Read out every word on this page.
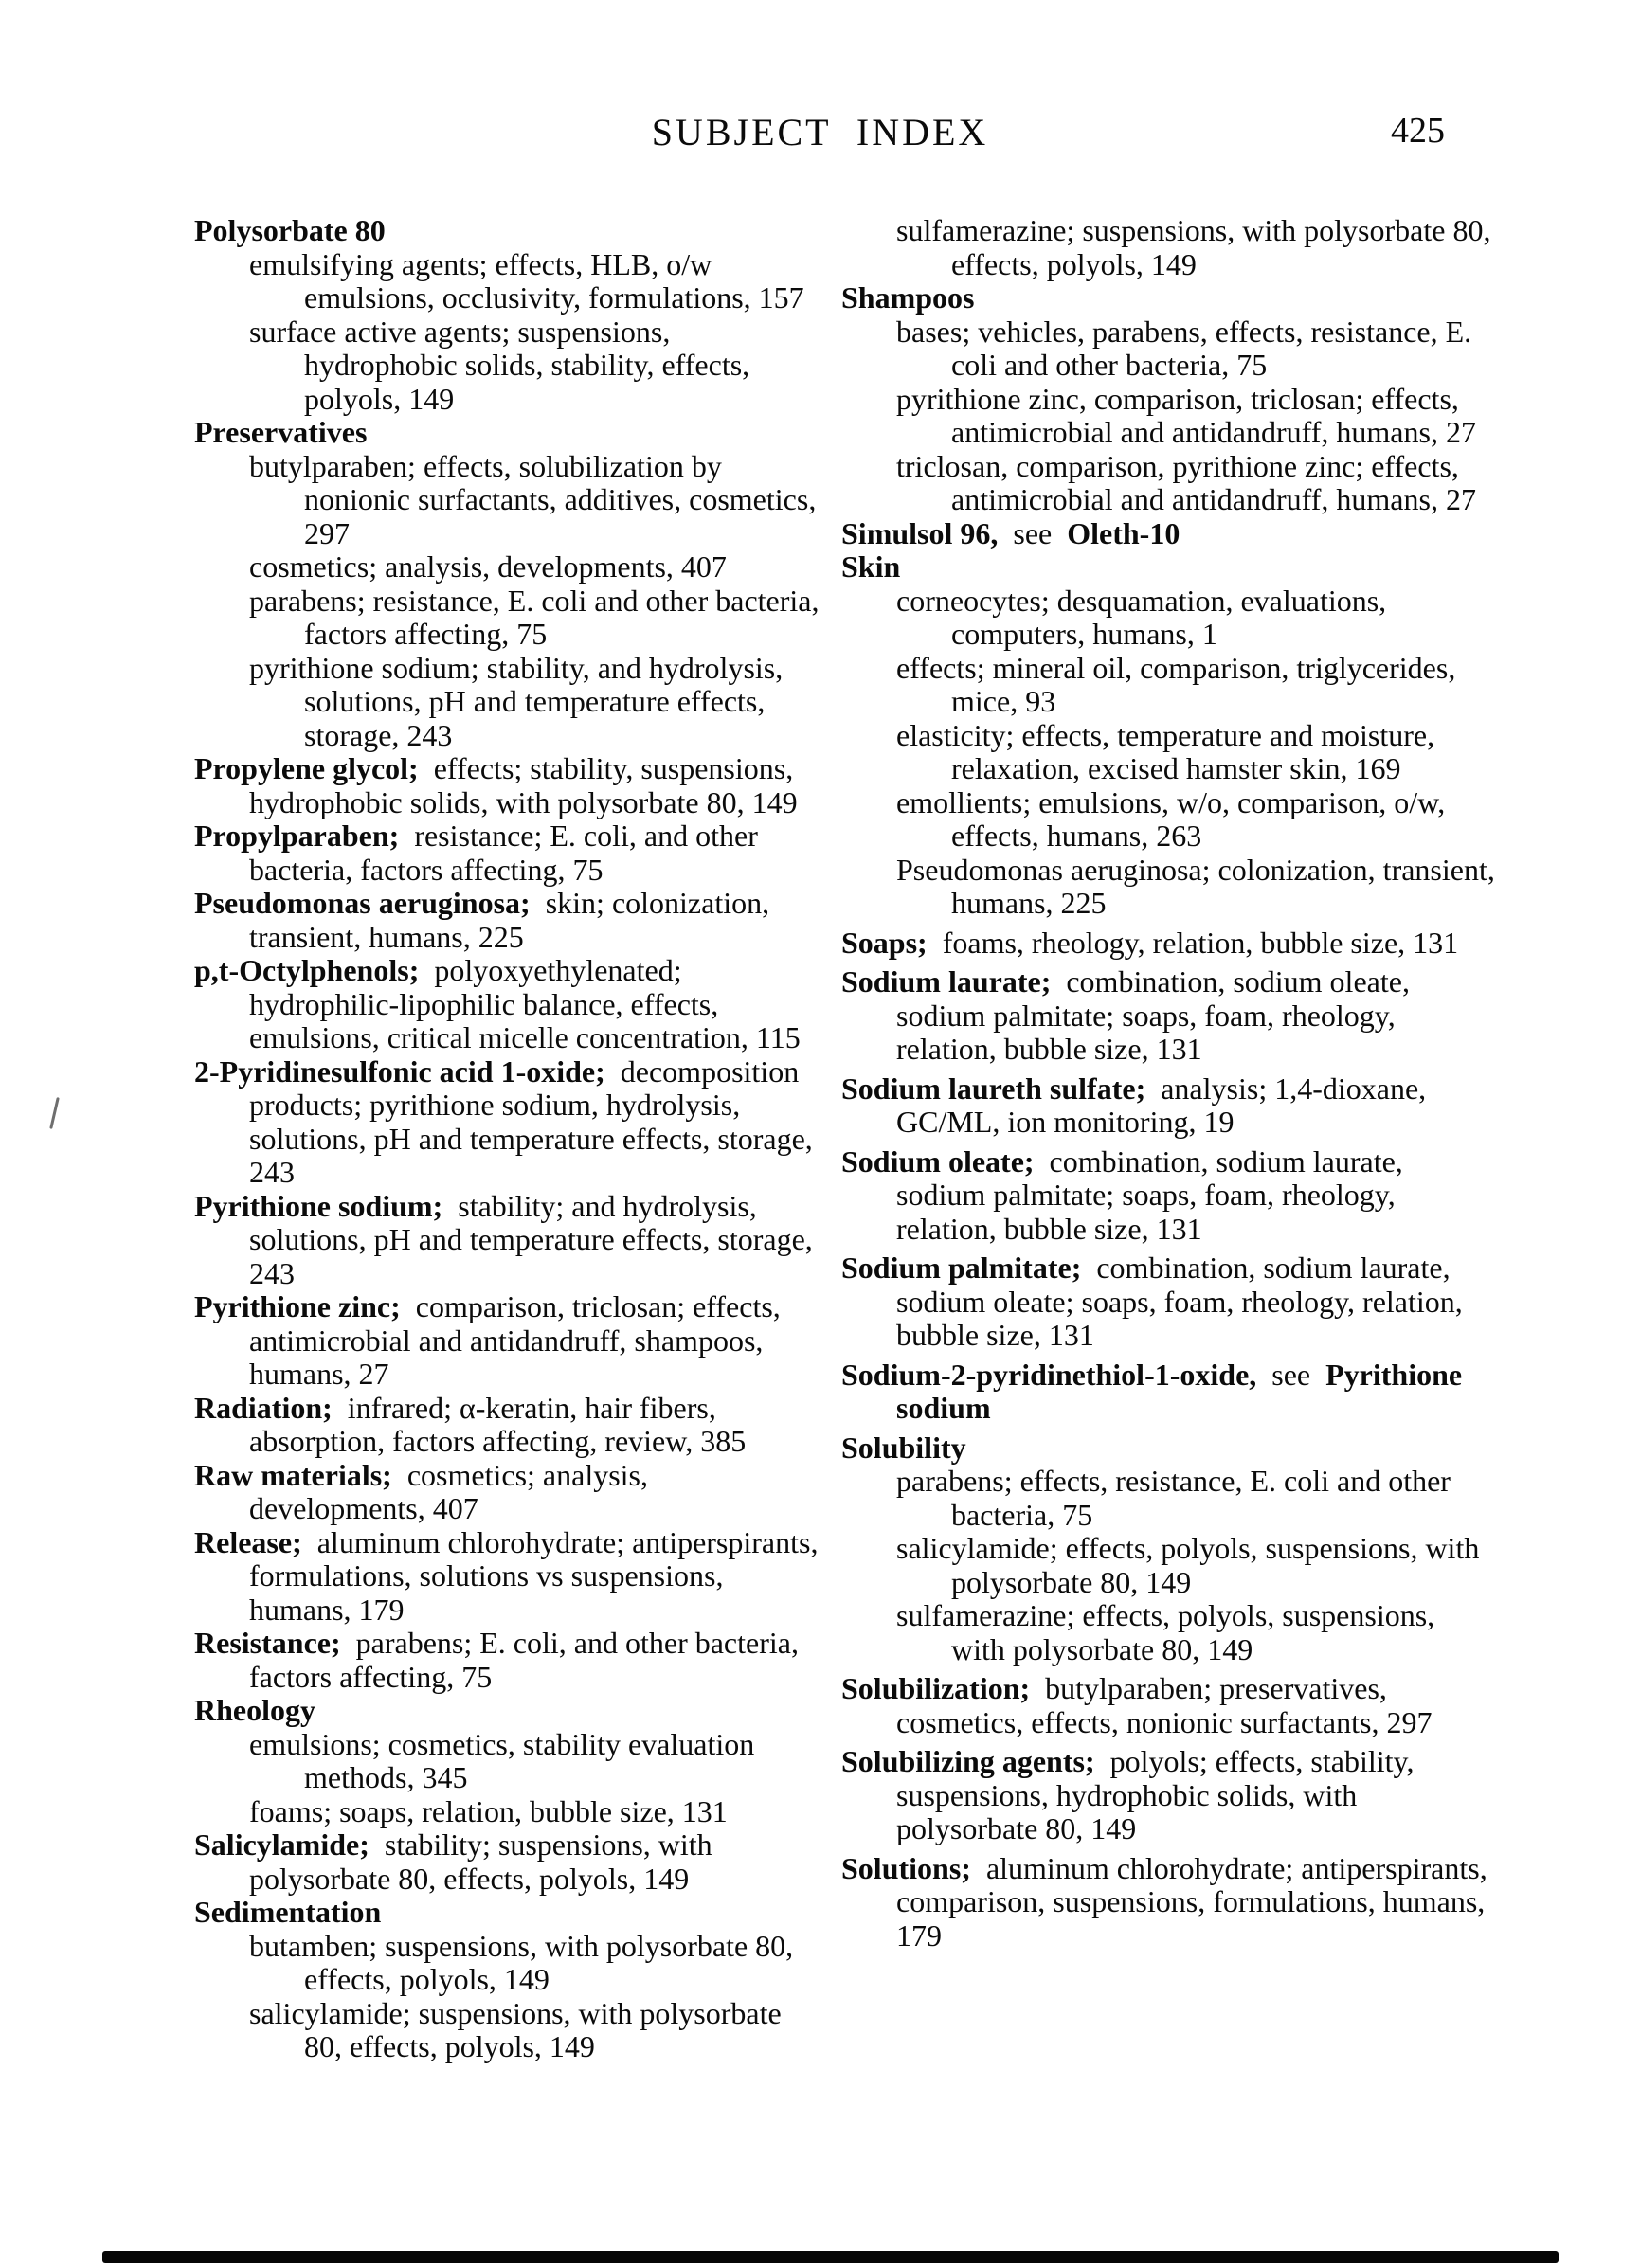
SUBJECT INDEX	425

Polysorbate 80

emulsifying agents; effects, HLB, o/w emulsions, occlusivity, formulations, 157

surface active agents; suspensions, hydrophobic solids, stability, effects, polyols, 149

Preservatives

butylparaben; effects, solubilization by nonionic surfactants, additives, cosmetics, 297

cosmetics; analysis, developments, 407

parabens; resistance, E. coli and other bacteria, factors affecting, 75

pyrithione sodium; stability, and hydrolysis, solutions, pH and temperature effects, storage, 243

Propylene glycol; effects; stability, suspensions, hydrophobic solids, with polysorbate 80, 149

Propylparaben; resistance; E. coli, and other bacteria, factors affecting, 75

Pseudomonas aeruginosa; skin; colonization, transient, humans, 225

p,t-Octylphenols; polyoxyethylenated; hydrophilic-lipophilic balance, effects, emulsions, critical micelle concentration, 115

2-Pyridinesulfonic acid 1-oxide; decomposition products; pyrithione sodium, hydrolysis, solutions, pH and temperature effects, storage, 243

Pyrithione sodium; stability; and hydrolysis, solutions, pH and temperature effects, storage, 243

Pyrithione zinc; comparison, triclosan; effects, antimicrobial and antidandruff, shampoos, humans, 27

Radiation; infrared; α-keratin, hair fibers, absorption, factors affecting, review, 385

Raw materials; cosmetics; analysis, developments, 407

Release; aluminum chlorohydrate; antiperspirants, formulations, solutions vs suspensions, humans, 179

Resistance; parabens; E. coli, and other bacteria, factors affecting, 75

Rheology

emulsions; cosmetics, stability evaluation methods, 345

foams; soaps, relation, bubble size, 131

Salicylamide; stability; suspensions, with polysorbate 80, effects, polyols, 149

Sedimentation

butamben; suspensions, with polysorbate 80, effects, polyols, 149

salicylamide; suspensions, with polysorbate 80, effects, polyols, 149

sulfamerazine; suspensions, with polysorbate 80, effects, polyols, 149

Shampoos

bases; vehicles, parabens, effects, resistance, E. coli and other bacteria, 75

pyrithione zinc, comparison, triclosan; effects, antimicrobial and antidandruff, humans, 27

triclosan, comparison, pyrithione zinc; effects, antimicrobial and antidandruff, humans, 27

Simulsol 96, see Oleth-10

Skin

corneocytes; desquamation, evaluations, computers, humans, 1

effects; mineral oil, comparison, triglycerides, mice, 93

elasticity; effects, temperature and moisture, relaxation, excised hamster skin, 169

emollients; emulsions, w/o, comparison, o/w, effects, humans, 263

Pseudomonas aeruginosa; colonization, transient, humans, 225

Soaps; foams, rheology, relation, bubble size, 131

Sodium laurate; combination, sodium oleate, sodium palmitate; soaps, foam, rheology, relation, bubble size, 131

Sodium laureth sulfate; analysis; 1,4-dioxane, GC/ML, ion monitoring, 19

Sodium oleate; combination, sodium laurate, sodium palmitate; soaps, foam, rheology, relation, bubble size, 131

Sodium palmitate; combination, sodium laurate, sodium oleate; soaps, foam, rheology, relation, bubble size, 131

Sodium-2-pyridinethiol-1-oxide, see Pyrithione sodium

Solubility

parabens; effects, resistance, E. coli and other bacteria, 75

salicylamide; effects, polyols, suspensions, with polysorbate 80, 149

sulfamerazine; effects, polyols, suspensions, with polysorbate 80, 149

Solubilization; butylparaben; preservatives, cosmetics, effects, nonionic surfactants, 297

Solubilizing agents; polyols; effects, stability, suspensions, hydrophobic solids, with polysorbate 80, 149

Solutions; aluminum chlorohydrate; antiperspirants, comparison, suspensions, formulations, humans, 179
